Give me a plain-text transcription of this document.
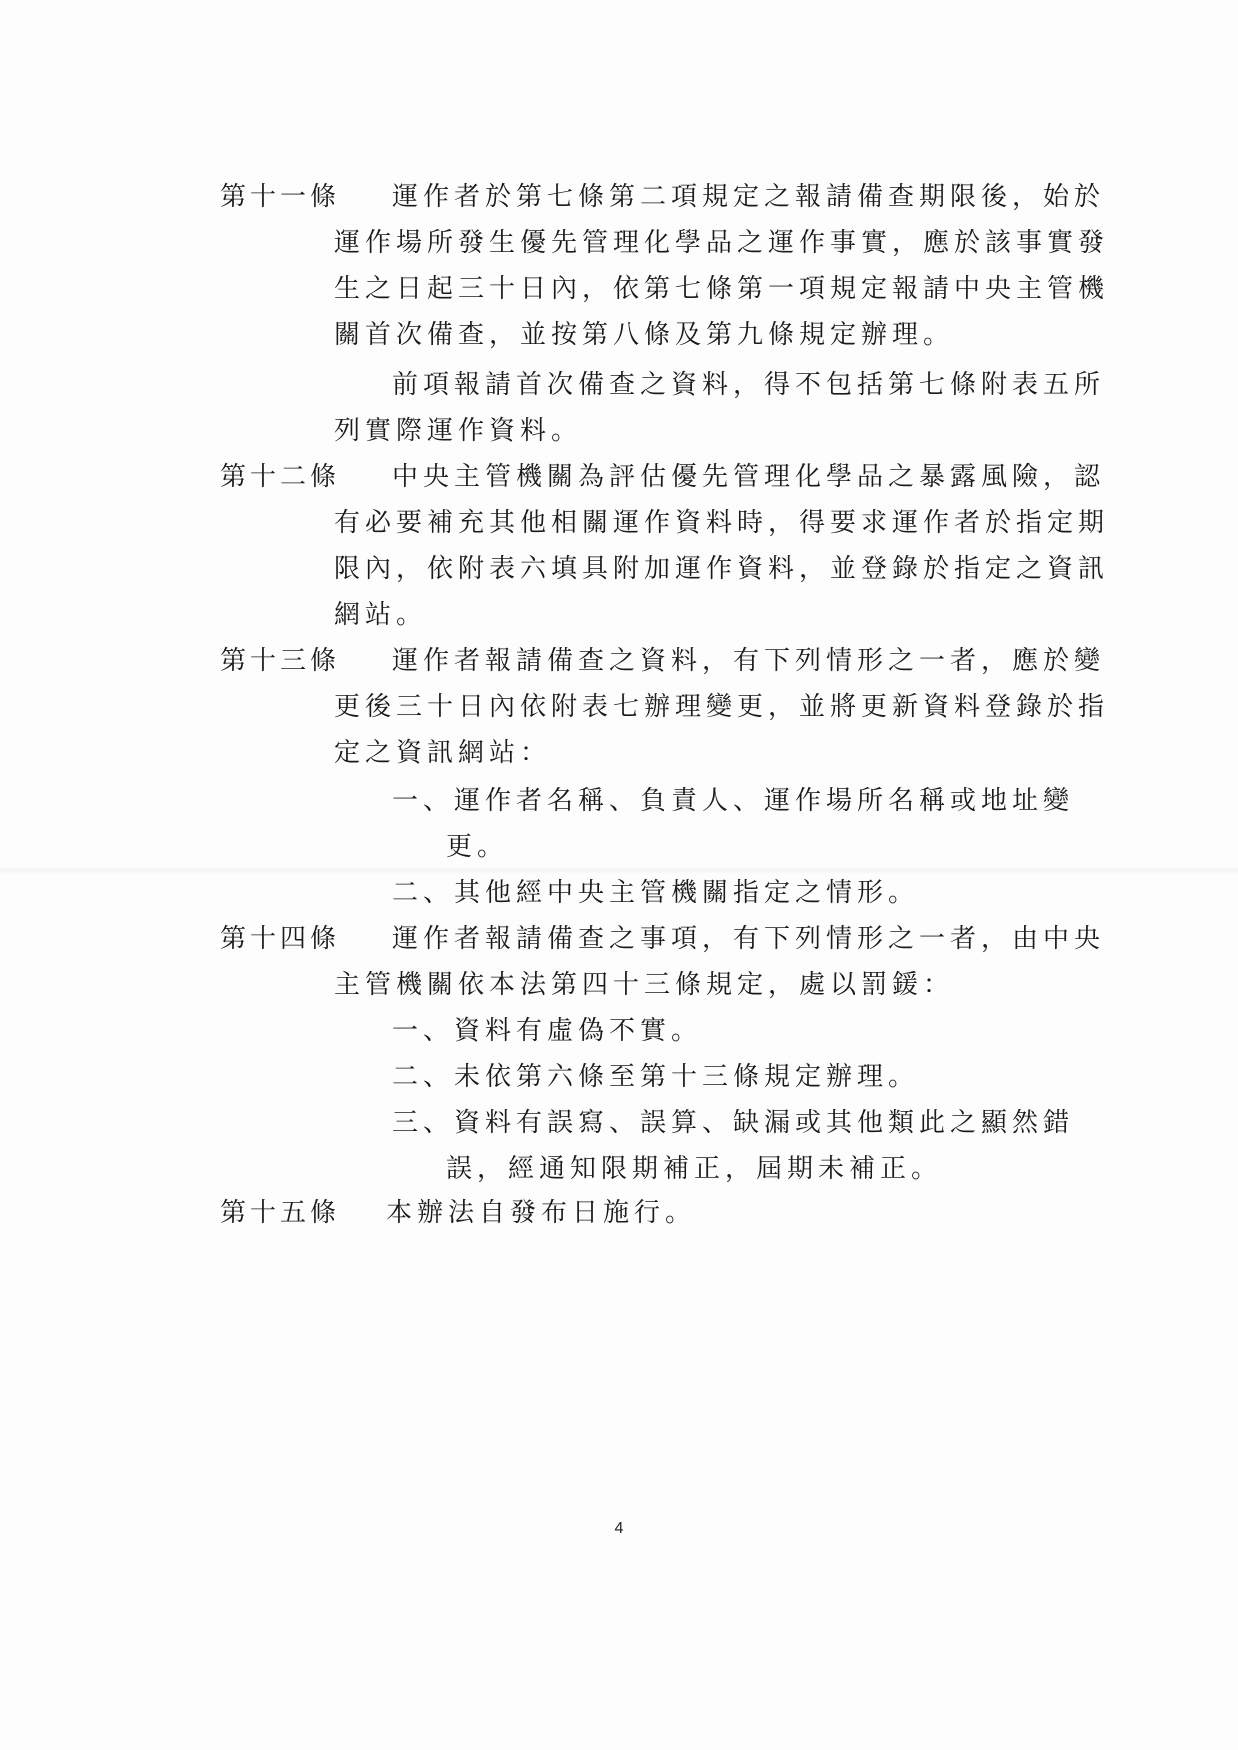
第十一條 運作者於第七條第二項規定之報請備查期限後，始於
運作場所發生優先管理化學品之運作事實，應於該事實發
生之日起三十日內，依第七條第一項規定報請中央主管機
關首次備查，並按第八條及第九條規定辦理。
前項報請首次備查之資料，得不包括第七條附表五所
列實際運作資料。
第十二條 中央主管機關為評估優先管理化學品之暴露風險，認
有必要補充其他相關運作資料時，得要求運作者於指定期
限內，依附表六填具附加運作資料，並登錄於指定之資訊
網站。
第十三條 運作者報請備查之資料，有下列情形之一者，應於變
更後三十日內依附表七辦理變更，並將更新資料登錄於指
定之資訊網站：
一、運作者名稱、負責人、運作場所名稱或地址變
更。
二、其他經中央主管機關指定之情形。
第十四條 運作者報請備查之事項，有下列情形之一者，由中央
主管機關依本法第四十三條規定，處以罰鍰：
一、資料有虛偽不實。
二、未依第六條至第十三條規定辦理。
三、資料有誤寫、誤算、缺漏或其他類此之顯然錯
誤，經通知限期補正，屆期未補正。
第十五條 本辦法自發布日施行。
4
